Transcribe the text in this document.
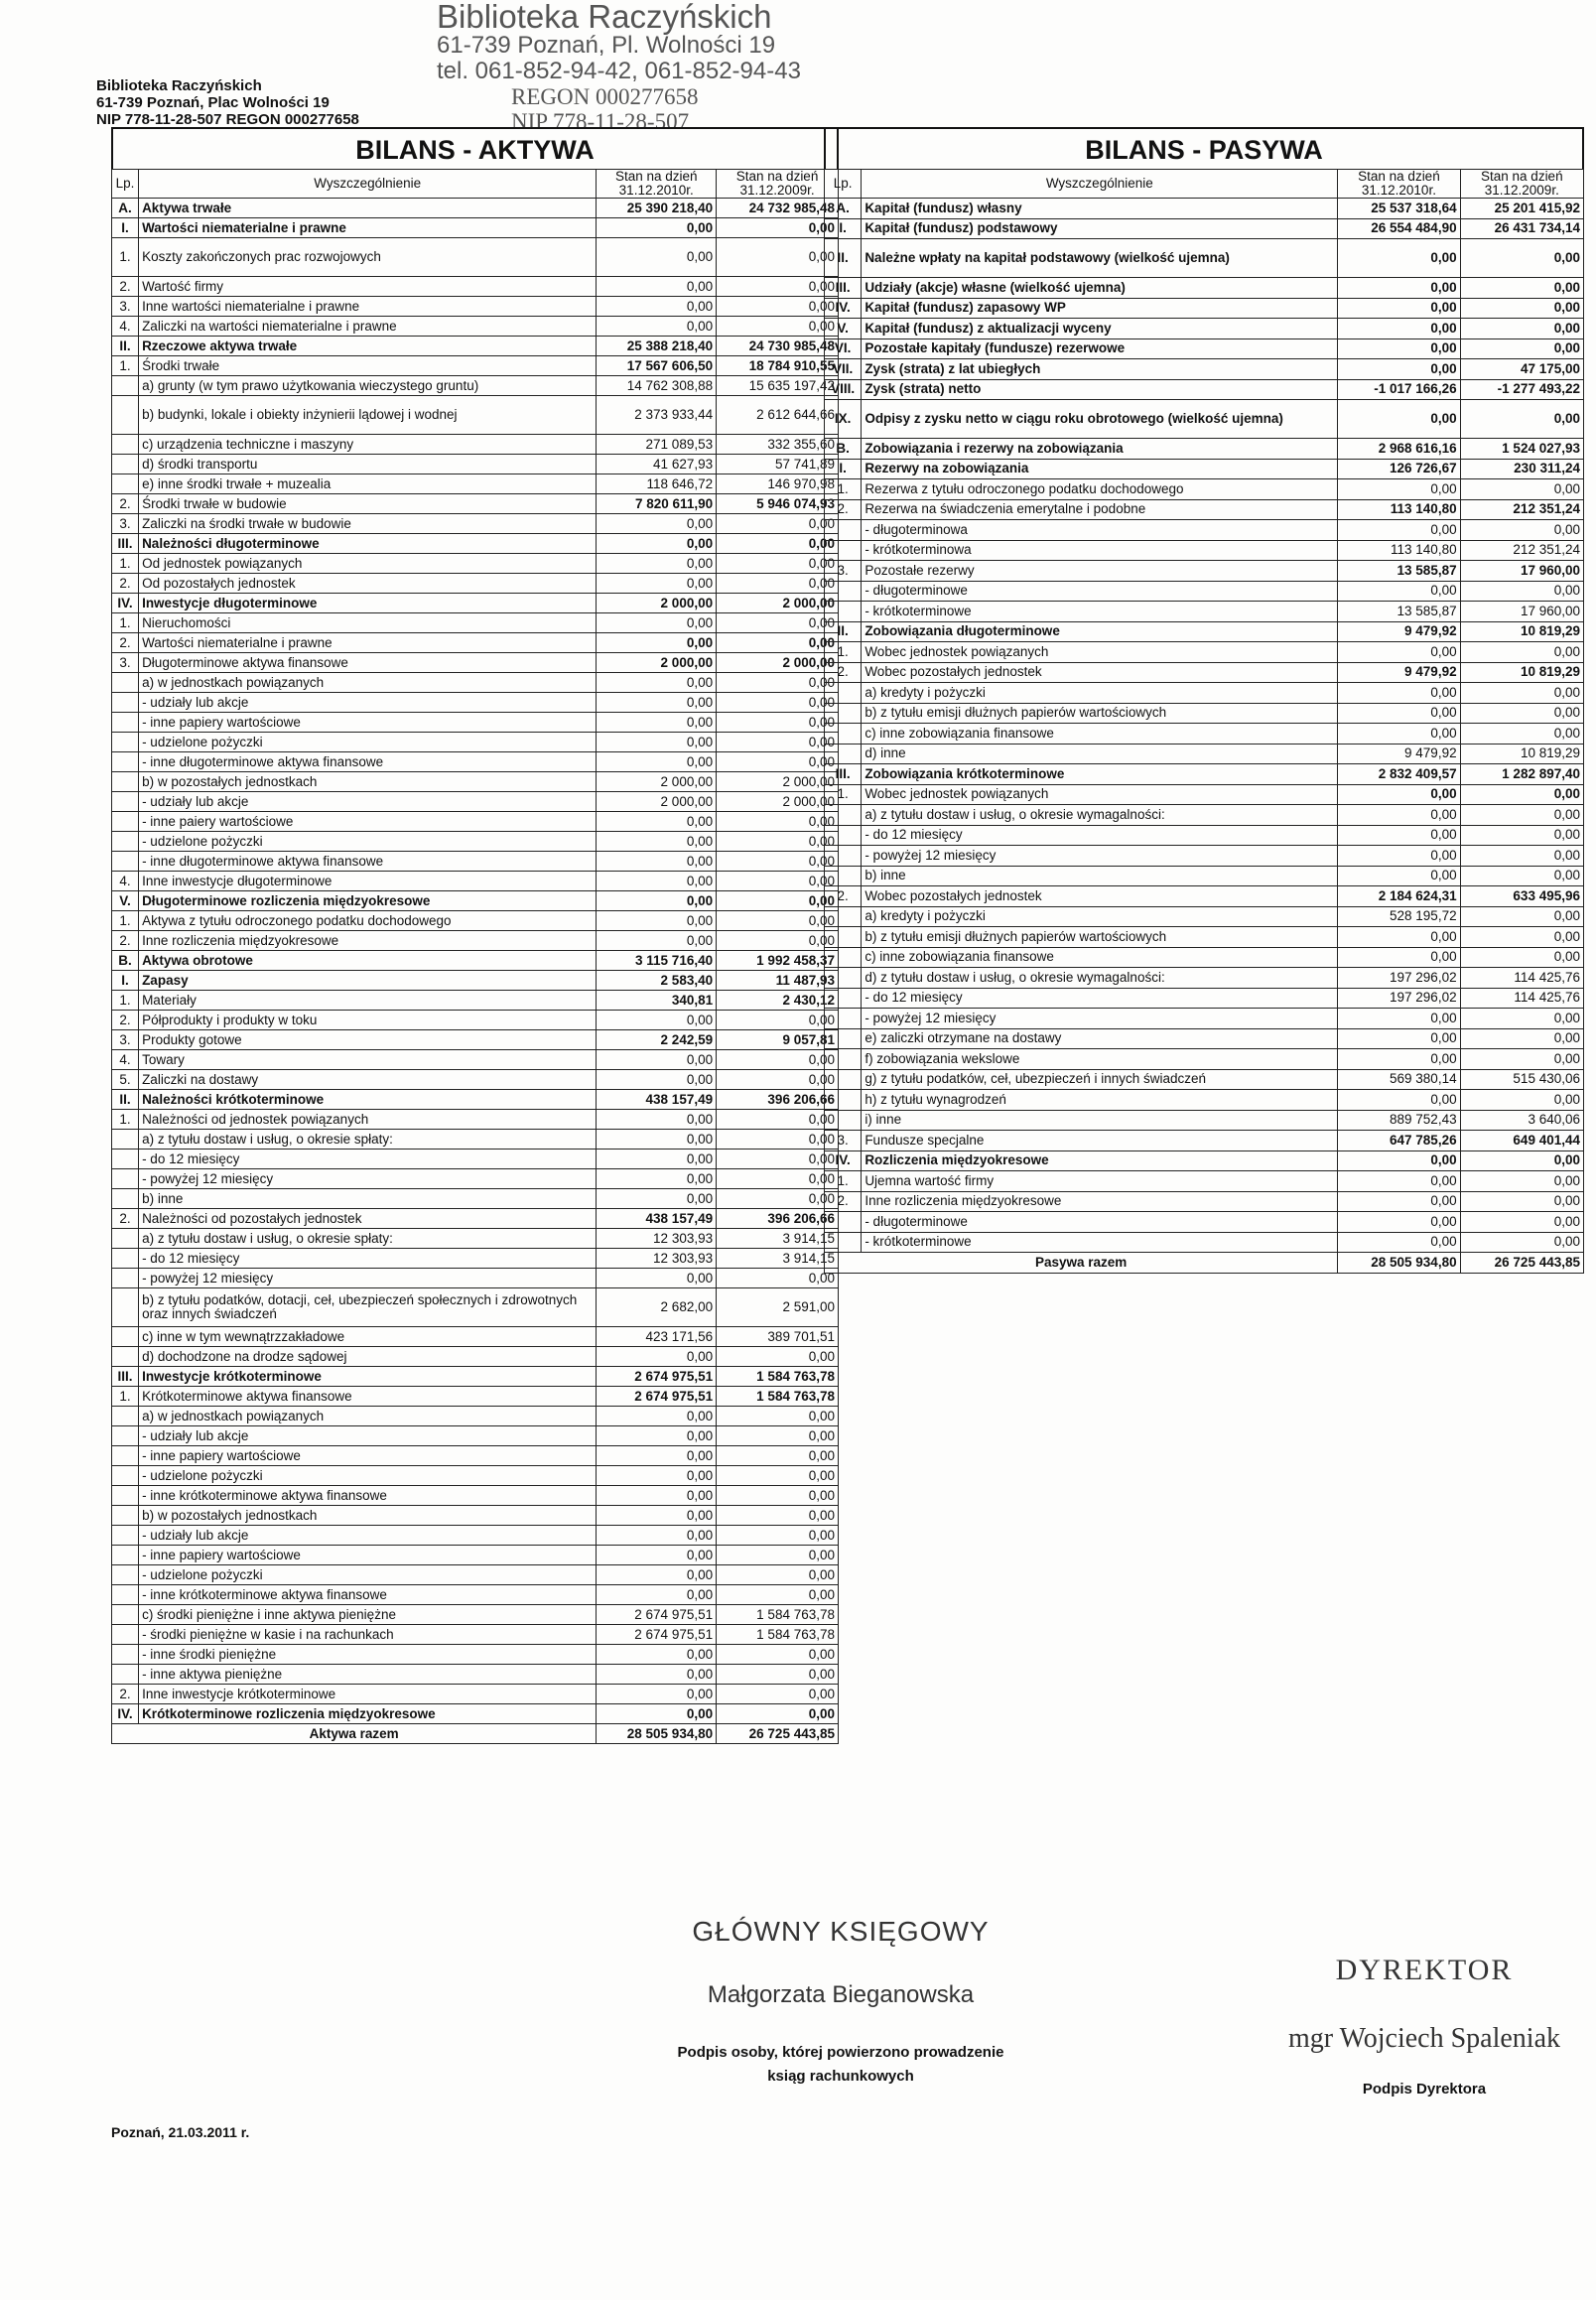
Biblioteka Raczyńskich
61-739 Poznań, Pl. Wolności 19
tel. 061-852-94-42, 061-852-94-43
REGON 000277658
NIP 778-11-28-507
Biblioteka Raczyńskich
61-739 Poznań, Plac Wolności 19
NIP 778-11-28-507 REGON 000277658
BILANS - AKTYWA
Lp.	Wyszczególnienie	Stan na dzień 31.12.2010r.	Stan na dzień 31.12.2009r.
A.	Aktywa trwałe	25 390 218,40	24 732 985,48
I.	Wartości niematerialne i prawne	0,00	0,00
1.	Koszty zakończonych prac rozwojowych	0,00	0,00
2.	Wartość firmy	0,00	0,00
3.	Inne wartości niematerialne i prawne	0,00	0,00
4.	Zaliczki na wartości niematerialne i prawne	0,00	0,00
II.	Rzeczowe aktywa trwałe	25 388 218,40	24 730 985,48
1.	Środki trwałe	17 567 606,50	18 784 910,55
	a) grunty (w tym prawo użytkowania wieczystego gruntu)	14 762 308,88	15 635 197,42
	b) budynki, lokale i obiekty inżynierii lądowej i wodnej	2 373 933,44	2 612 644,66
	c) urządzenia techniczne i maszyny	271 089,53	332 355,60
	d) środki transportu	41 627,93	57 741,89
	e) inne środki trwałe + muzealia	118 646,72	146 970,98
2.	Środki trwałe w budowie	7 820 611,90	5 946 074,93
3.	Zaliczki na środki trwałe w budowie	0,00	0,00
III.	Należności długoterminowe	0,00	0,00
1.	Od jednostek powiązanych	0,00	0,00
2.	Od pozostałych jednostek	0,00	0,00
IV.	Inwestycje długoterminowe	2 000,00	2 000,00
1.	Nieruchomości	0,00	0,00
2.	Wartości niematerialne i prawne	0,00	0,00
3.	Długoterminowe aktywa finansowe	2 000,00	2 000,00
	a) w jednostkach powiązanych	0,00	0,00
	- udziały lub akcje	0,00	0,00
	- inne papiery wartościowe	0,00	0,00
	- udzielone pożyczki	0,00	0,00
	- inne długoterminowe aktywa finansowe	0,00	0,00
	b) w pozostałych jednostkach	2 000,00	2 000,00
	- udziały lub akcje	2 000,00	2 000,00
	- inne paiery wartościowe	0,00	0,00
	- udzielone pożyczki	0,00	0,00
	- inne długoterminowe aktywa finansowe	0,00	0,00
4.	Inne inwestycje długoterminowe	0,00	0,00
V.	Długoterminowe rozliczenia międzyokresowe	0,00	0,00
1.	Aktywa z tytułu odroczonego podatku dochodowego	0,00	0,00
2.	Inne rozliczenia międzyokresowe	0,00	0,00
B.	Aktywa obrotowe	3 115 716,40	1 992 458,37
I.	Zapasy	2 583,40	11 487,93
1.	Materiały	340,81	2 430,12
2.	Półprodukty i produkty w toku	0,00	0,00
3.	Produkty gotowe	2 242,59	9 057,81
4.	Towary	0,00	0,00
5.	Zaliczki na dostawy	0,00	0,00
II.	Należności krótkoterminowe	438 157,49	396 206,66
1.	Należności od jednostek powiązanych	0,00	0,00
	a) z tytułu dostaw i usług, o okresie spłaty:	0,00	0,00
	- do 12 miesięcy	0,00	0,00
	- powyżej 12 miesięcy	0,00	0,00
	b) inne	0,00	0,00
2.	Należności od pozostałych jednostek	438 157,49	396 206,66
	a) z tytułu dostaw i usług, o okresie spłaty:	12 303,93	3 914,15
	- do 12 miesięcy	12 303,93	3 914,15
	- powyżej 12 miesięcy	0,00	0,00
	b) z tytułu podatków, dotacji, ceł, ubezpieczeń społecznych i zdrowotnych oraz innych świadczeń	2 682,00	2 591,00
	c) inne w tym wewnątrzzakładowe	423 171,56	389 701,51
	d) dochodzone na drodze sądowej	0,00	0,00
III.	Inwestycje krótkoterminowe	2 674 975,51	1 584 763,78
1.	Krótkoterminowe aktywa finansowe	2 674 975,51	1 584 763,78
	a) w jednostkach powiązanych	0,00	0,00
	- udziały lub akcje	0,00	0,00
	- inne papiery wartościowe	0,00	0,00
	- udzielone pożyczki	0,00	0,00
	- inne krótkoterminowe aktywa finansowe	0,00	0,00
	b) w pozostałych jednostkach	0,00	0,00
	- udziały lub akcje	0,00	0,00
	- inne papiery wartościowe	0,00	0,00
	- udzielone pożyczki	0,00	0,00
	- inne krótkoterminowe aktywa finansowe	0,00	0,00
	c) środki pieniężne i inne aktywa pieniężne	2 674 975,51	1 584 763,78
	- środki pieniężne w kasie i na rachunkach	2 674 975,51	1 584 763,78
	- inne środki pieniężne	0,00	0,00
	- inne aktywa pieniężne	0,00	0,00
2.	Inne inwestycje krótkoterminowe	0,00	0,00
IV.	Krótkoterminowe rozliczenia międzyokresowe	0,00	0,00
Aktywa razem		28 505 934,80	26 725 443,85
BILANS - PASYWA
Lp.	Wyszczególnienie	Stan na dzień 31.12.2010r.	Stan na dzień 31.12.2009r.
A.	Kapitał (fundusz) własny	25 537 318,64	25 201 415,92
I.	Kapitał (fundusz) podstawowy	26 554 484,90	26 431 734,14
II.	Należne wpłaty na kapitał podstawowy (wielkość ujemna)	0,00	0,00
III.	Udziały (akcje) własne (wielkość ujemna)	0,00	0,00
IV.	Kapitał (fundusz) zapasowy WP	0,00	0,00
V.	Kapitał (fundusz) z aktualizacji wyceny	0,00	0,00
VI.	Pozostałe kapitały (fundusze) rezerwowe	0,00	0,00
VII.	Zysk (strata) z lat ubiegłych	0,00	47 175,00
VIII.	Zysk (strata) netto	-1 017 166,26	-1 277 493,22
IX.	Odpisy z zysku netto w ciągu roku obrotowego (wielkość ujemna)	0,00	0,00
B.	Zobowiązania i rezerwy na zobowiązania	2 968 616,16	1 524 027,93
I.	Rezerwy na zobowiązania	126 726,67	230 311,24
1.	Rezerwa z tytułu odroczonego podatku dochodowego	0,00	0,00
2.	Rezerwa na świadczenia emerytalne i podobne	113 140,80	212 351,24
	- długoterminowa	0,00	0,00
	- krótkoterminowa	113 140,80	212 351,24
3.	Pozostałe rezerwy	13 585,87	17 960,00
	- długoterminowe	0,00	0,00
	- krótkoterminowe	13 585,87	17 960,00
II.	Zobowiązania długoterminowe	9 479,92	10 819,29
1.	Wobec jednostek powiązanych	0,00	0,00
2.	Wobec pozostałych jednostek	9 479,92	10 819,29
	a) kredyty i pożyczki	0,00	0,00
	b) z tytułu emisji dłużnych papierów wartościowych	0,00	0,00
	c) inne zobowiązania finansowe	0,00	0,00
	d) inne	9 479,92	10 819,29
III.	Zobowiązania krótkoterminowe	2 832 409,57	1 282 897,40
1.	Wobec jednostek powiązanych	0,00	0,00
	a) z tytułu dostaw i usług, o okresie wymagalności:	0,00	0,00
	- do 12 miesięcy	0,00	0,00
	- powyżej 12 miesięcy	0,00	0,00
	b) inne	0,00	0,00
2.	Wobec pozostałych jednostek	2 184 624,31	633 495,96
	a) kredyty i pożyczki	528 195,72	0,00
	b) z tytułu emisji dłużnych papierów wartościowych	0,00	0,00
	c) inne zobowiązania finansowe	0,00	0,00
	d) z tytułu dostaw i usług, o okresie wymagalności:	197 296,02	114 425,76
	- do 12 miesięcy	197 296,02	114 425,76
	- powyżej 12 miesięcy	0,00	0,00
	e) zaliczki otrzymane na dostawy	0,00	0,00
	f) zobowiązania wekslowe	0,00	0,00
	g) z tytułu podatków, ceł, ubezpieczeń i innych świadczeń	569 380,14	515 430,06
	h) z tytułu wynagrodzeń	0,00	0,00
	i) inne	889 752,43	3 640,06
3.	Fundusze specjalne	647 785,26	649 401,44
IV.	Rozliczenia międzyokresowe	0,00	0,00
1.	Ujemna wartość firmy	0,00	0,00
2.	Inne rozliczenia międzyokresowe	0,00	0,00
	- długoterminowe	0,00	0,00
	- krótkoterminowe	0,00	0,00
Pasywa razem		28 505 934,80	26 725 443,85
Poznań, 21.03.2011 r.
GŁÓWNY KSIĘGOWY
Małgorzata Bieganowska
Podpis osoby, której powierzono prowadzenie ksiąg rachunkowych
DYREKTOR
mgr Wojciech Spaleniak
Podpis Dyrektora
